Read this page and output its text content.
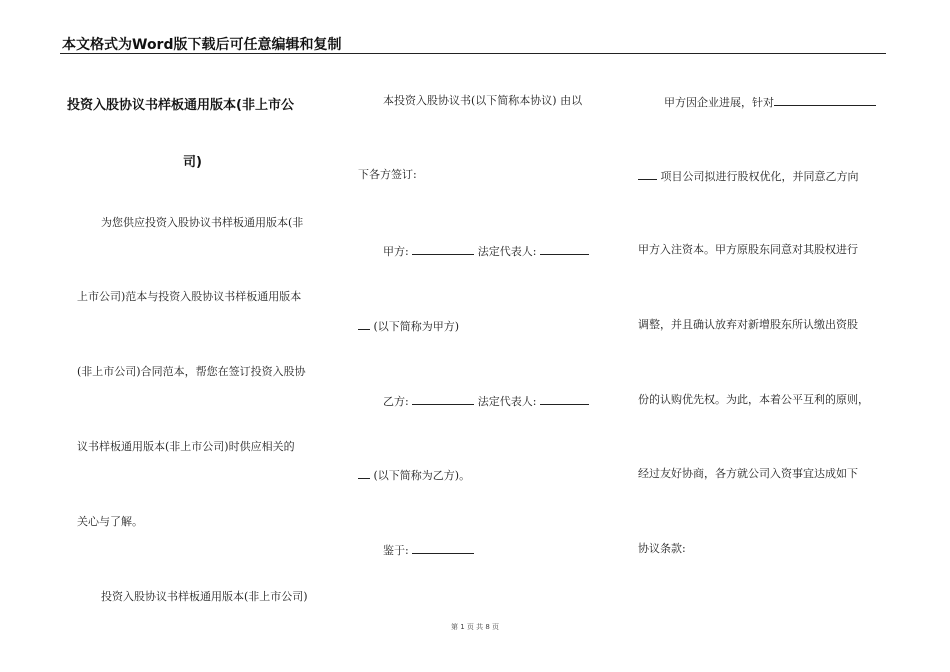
本文格式为Word版下载后可任意编辑和复制
投资入股协议书样板通用版本(非上市公
司)
为您供应投资入股协议书样板通用版本(非
上市公司)范本与投资入股协议书样板通用版本
(非上市公司)合同范本，帮您在签订投资入股协
议书样板通用版本(非上市公司)时供应相关的
关心与了解。
投资入股协议书样板通用版本(非上市公司)
本投资入股协议书(以下简称本协议) 由以
下各方签订:
甲方:	法定代表人:
(以下简称为甲方)
乙方:	法定代表人:
(以下简称为乙方)。
鉴于:
甲方因企业进展，针对
项目公司拟进行股权优化，并同意乙方向
甲方入注资本。甲方原股东同意对其股权进行
调整，并且确认放弃对新增股东所认缴出资股
份的认购优先权。为此，本着公平互利的原则，
经过友好协商，各方就公司入资事宜达成如下
协议条款:
第 1 页 共 8 页
